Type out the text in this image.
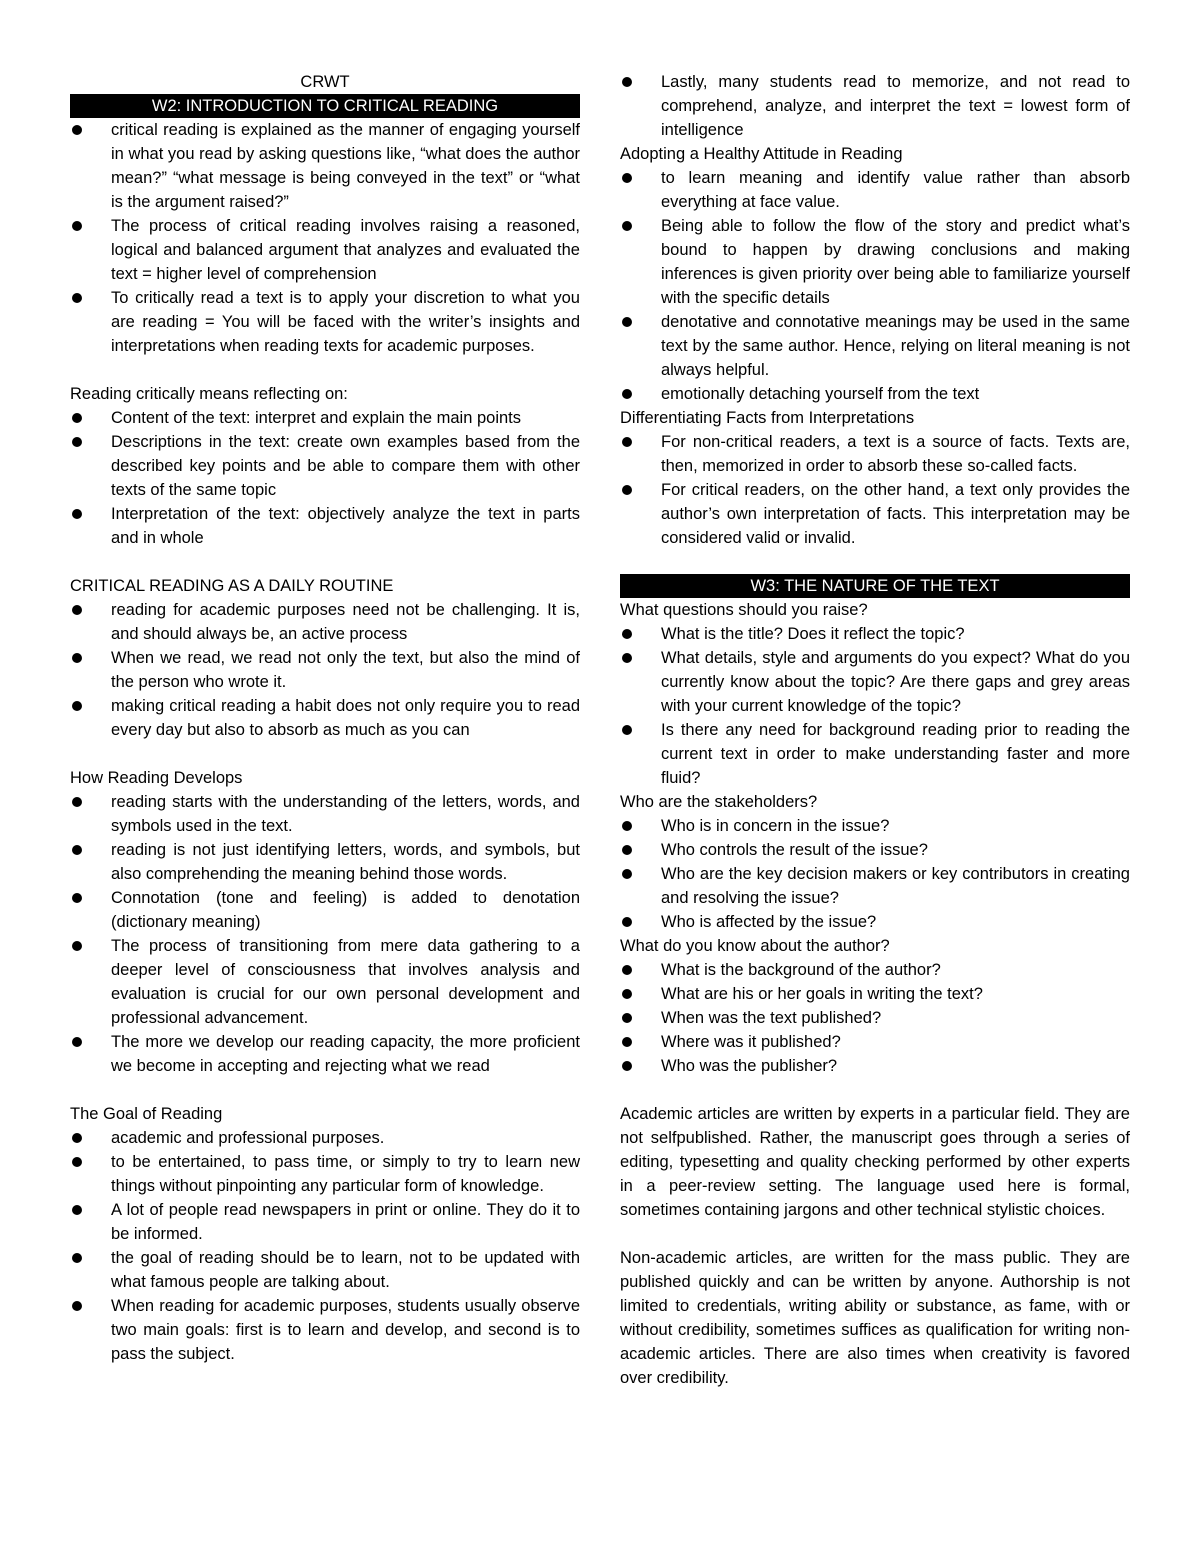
CRWT
W2: INTRODUCTION TO CRITICAL READING
critical reading is explained as the manner of engaging yourself in what you read by asking questions like, “what does the author mean?” “what message is being conveyed in the text” or “what is the argument raised?”
The process of critical reading involves raising a reasoned, logical and balanced argument that analyzes and evaluated the text = higher level of comprehension
To critically read a text is to apply your discretion to what you are reading = You will be faced with the writer’s insights and interpretations when reading texts for academic purposes.
Reading critically means reflecting on:
Content of the text: interpret and explain the main points
Descriptions in the text: create own examples based from the described key points and be able to compare them with other texts of the same topic
Interpretation of the text: objectively analyze the text in parts and in whole
CRITICAL READING AS A DAILY ROUTINE
reading for academic purposes need not be challenging. It is, and should always be, an active process
When we read, we read not only the text, but also the mind of the person who wrote it.
making critical reading a habit does not only require you to read every day but also to absorb as much as you can
How Reading Develops
reading starts with the understanding of the letters, words, and symbols used in the text.
reading is not just identifying letters, words, and symbols, but also comprehending the meaning behind those words.
Connotation (tone and feeling) is added to denotation (dictionary meaning)
The process of transitioning from mere data gathering to a deeper level of consciousness that involves analysis and evaluation is crucial for our own personal development and professional advancement.
The more we develop our reading capacity, the more proficient we become in accepting and rejecting what we read
The Goal of Reading
academic and professional purposes.
to be entertained, to pass time, or simply to try to learn new things without pinpointing any particular form of knowledge.
A lot of people read newspapers in print or online. They do it to be informed.
the goal of reading should be to learn, not to be updated with what famous people are talking about.
When reading for academic purposes, students usually observe two main goals: first is to learn and develop, and second is to pass the subject.
Lastly, many students read to memorize, and not read to comprehend, analyze, and interpret the text = lowest form of intelligence
Adopting a Healthy Attitude in Reading
to learn meaning and identify value rather than absorb everything at face value.
Being able to follow the flow of the story and predict what’s bound to happen by drawing conclusions and making inferences is given priority over being able to familiarize yourself with the specific details
denotative and connotative meanings may be used in the same text by the same author. Hence, relying on literal meaning is not always helpful.
emotionally detaching yourself from the text
Differentiating Facts from Interpretations
For non-critical readers, a text is a source of facts. Texts are, then, memorized in order to absorb these so-called facts.
For critical readers, on the other hand, a text only provides the author’s own interpretation of facts. This interpretation may be considered valid or invalid.
W3: THE NATURE OF THE TEXT
What questions should you raise?
What is the title? Does it reflect the topic?
What details, style and arguments do you expect? What do you currently know about the topic? Are there gaps and grey areas with your current knowledge of the topic?
Is there any need for background reading prior to reading the current text in order to make understanding faster and more fluid?
Who are the stakeholders?
Who is in concern in the issue?
Who controls the result of the issue?
Who are the key decision makers or key contributors in creating and resolving the issue?
Who is affected by the issue?
What do you know about the author?
What is the background of the author?
What are his or her goals in writing the text?
When was the text published?
Where was it published?
Who was the publisher?

Academic articles are written by experts in a particular field. They are not selfpublished. Rather, the manuscript goes through a series of editing, typesetting and quality checking performed by other experts in a peer-review setting. The language used here is formal, sometimes containing jargons and other technical stylistic choices.

Non-academic articles, are written for the mass public. They are published quickly and can be written by anyone. Authorship is not limited to credentials, writing ability or substance, as fame, with or without credibility, sometimes suffices as qualification for writing non-academic articles. There are also times when creativity is favored over credibility.
